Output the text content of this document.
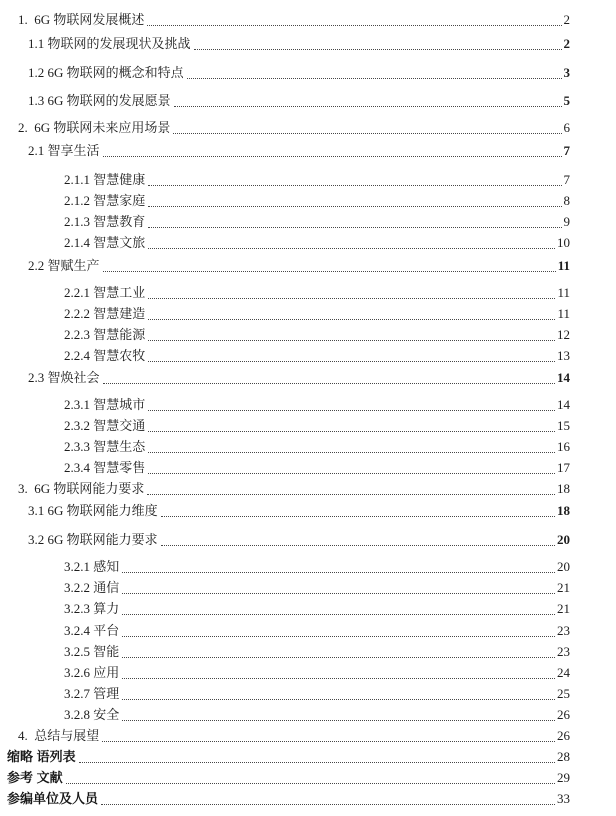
1.  6G 物联网发展概述	2
1.1 物联网的发展现状及挑战	2
1.2 6G 物联网的概念和特点	3
1.3 6G 物联网的发展愿景	5
2.  6G 物联网未来应用场景	6
2.1 智享生活	7
2.1.1 智慧健康	7
2.1.2 智慧家庭	8
2.1.3 智慧教育	9
2.1.4 智慧文旅	10
2.2 智赋生产	11
2.2.1 智慧工业	11
2.2.2 智慧建造	11
2.2.3 智慧能源	12
2.2.4 智慧农牧	13
2.3 智焕社会	14
2.3.1 智慧城市	14
2.3.2 智慧交通	15
2.3.3 智慧生态	16
2.3.4 智慧零售	17
3.  6G 物联网能力要求	18
3.1 6G 物联网能力维度	18
3.2 6G 物联网能力要求	20
3.2.1 感知	20
3.2.2 通信	21
3.2.3 算力	21
3.2.4 平台	23
3.2.5 智能	23
3.2.6 应用	24
3.2.7 管理	25
3.2.8 安全	26
4.  总结与展望	26
缩略 语列表	28
参考 文献	29
参编单位及人员	33
